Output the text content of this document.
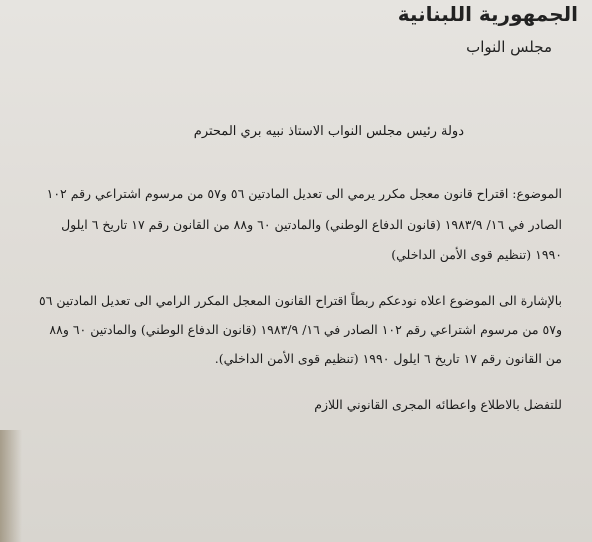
الجمهورية اللبنانية
مجلس النواب
دولة رئيس مجلس النواب الاستاذ نبيه بري المحترم
الموضوع: اقتراح قانون معجل مكرر يرمي الى تعديل المادتين ٥٦ و٥٧ من مرسوم اشتراعي رقم ١٠٢
الصادر في ١٦/ ١٩٨٣/٩ (قانون الدفاع الوطني) والمادتين ٦٠ و٨٨ من القانون رقم ١٧ تاريخ ٦ ايلول
١٩٩٠ (تنظيم قوى الأمن الداخلي)
بالإشارة الى الموضوع اعلاه نودعكم ربطاً اقتراح القانون المعجل المكرر الرامي الى تعديل المادتين ٥٦
و٥٧ من مرسوم اشتراعي رقم ١٠٢ الصادر في ١٦/ ١٩٨٣/٩ (قانون الدفاع الوطني) والمادتين ٦٠ و٨٨
من القانون رقم ١٧ تاريخ ٦ ايلول ١٩٩٠ (تنظيم قوى الأمن الداخلي).
للتفضل بالاطلاع واعطائه المجرى القانوني اللازم
